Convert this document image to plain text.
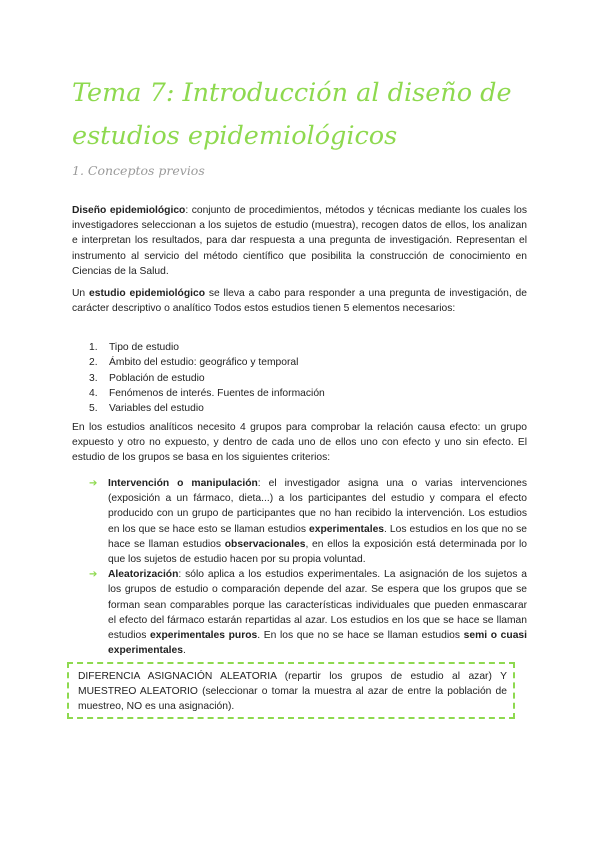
Tema 7: Introducción al diseño de estudios epidemiológicos
1. Conceptos previos

Diseño epidemiológico: conjunto de procedimientos, métodos y técnicas mediante los cuales los investigadores seleccionan a los sujetos de estudio (muestra), recogen datos de ellos, los analizan e interpretan los resultados, para dar respuesta a una pregunta de investigación. Representan el instrumento al servicio del método científico que posibilita la construcción de conocimiento en Ciencias de la Salud.

Un estudio epidemiológico se lleva a cabo para responder a una pregunta de investigación, de carácter descriptivo o analítico Todos estos estudios tienen 5 elementos necesarios:

1. Tipo de estudio
2. Ámbito del estudio: geográfico y temporal
3. Población de estudio
4. Fenómenos de interés. Fuentes de información
5. Variables del estudio

En los estudios analíticos necesito 4 grupos para comprobar la relación causa efecto: un grupo expuesto y otro no expuesto, y dentro de cada uno de ellos uno con efecto y uno sin efecto. El estudio de los grupos se basa en los siguientes criterios:

➔ Intervención o manipulación: el investigador asigna una o varias intervenciones (exposición a un fármaco, dieta...) a los participantes del estudio y compara el efecto producido con un grupo de participantes que no han recibido la intervención. Los estudios en los que se hace esto se llaman estudios experimentales. Los estudios en los que no se hace se llaman estudios observacionales, en ellos la exposición está determinada por lo que los sujetos de estudio hacen por su propia voluntad.
➔ Aleatorización: sólo aplica a los estudios experimentales. La asignación de los sujetos a los grupos de estudio o comparación depende del azar. Se espera que los grupos que se forman sean comparables porque las características individuales que pueden enmascarar el efecto del fármaco estarán repartidas al azar. Los estudios en los que se hace se llaman estudios experimentales puros. En los que no se hace se llaman estudios semi o cuasi experimentales.
DIFERENCIA ASIGNACIÓN ALEATORIA (repartir los grupos de estudio al azar) Y MUESTREO ALEATORIO (seleccionar o tomar la muestra al azar de entre la población de muestreo, NO es una asignación).
